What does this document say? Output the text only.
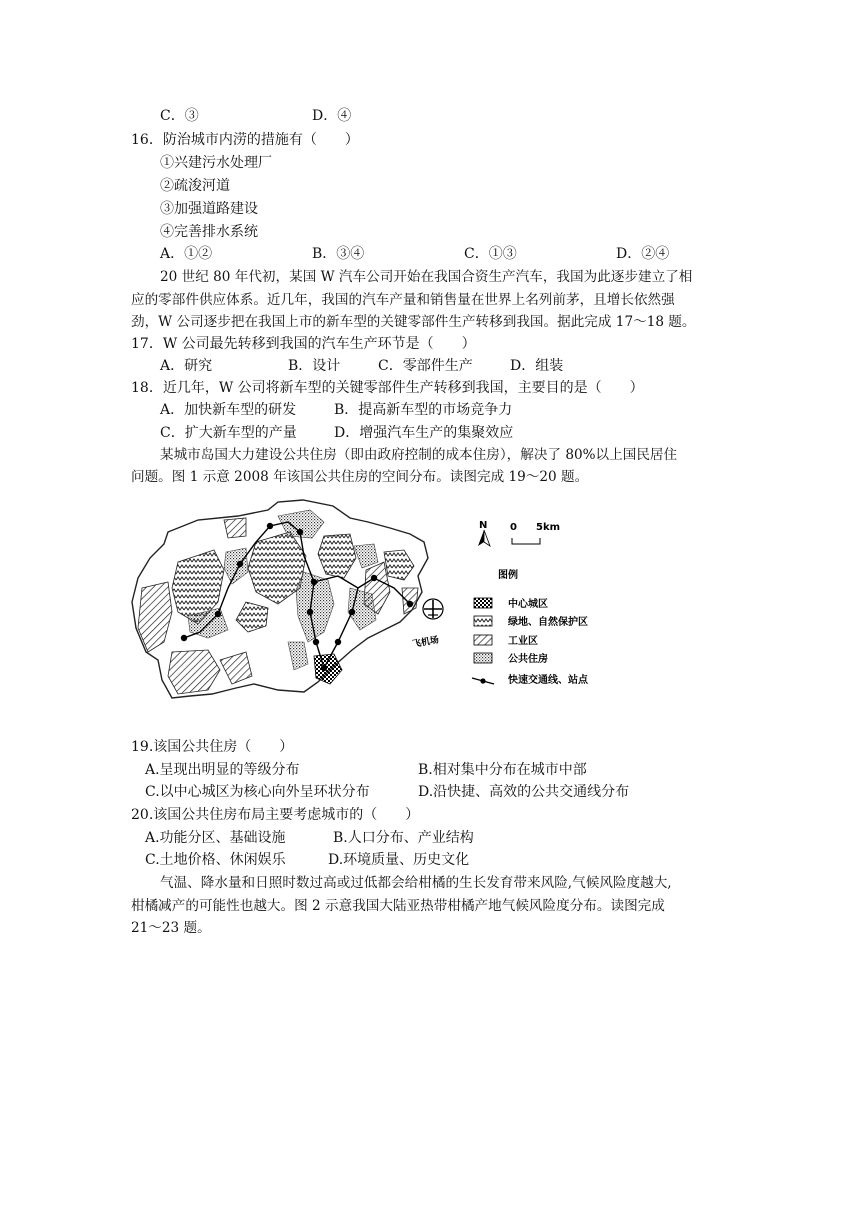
C．③	D．④
16．防治城市内涝的措施有（　　）
①兴建污水处理厂
②疏浚河道
③加强道路建设
④完善排水系统
A．①②	B．③④	C．①③	D．②④
20 世纪 80 年代初，某国 W 汽车公司开始在我国合资生产汽车，我国为此逐步建立了相
应的零部件供应体系。近几年，我国的汽车产量和销售量在世界上名列前茅，且增长依然强
劲，W 公司逐步把在我国上市的新车型的关键零部件生产转移到我国。据此完成 17～18 题。
17．W 公司最先转移到我国的汽车生产环节是（　　）
A．研究	B．设计	C．零部件生产	D．组装
18．近几年，W 公司将新车型的关键零部件生产转移到我国，主要目的是（　　）
A．加快新车型的研发	B．提高新车型的市场竞争力
C．扩大新车型的产量	D．增强汽车生产的集聚效应
某城市岛国大力建设公共住房（即由政府控制的成本住房），解决了 80%以上国民居住
问题。图 1 示意 2008 年该国公共住房的空间分布。读图完成 19～20 题。
飞机场
N 0 5km
图例
中心城区
绿地、自然保护区
工业区
公共住房
快速交通线、站点
19.该国公共住房（　　）
A.呈现出明显的等级分布	B.相对集中分布在城市中部
C.以中心城区为核心向外呈环状分布	D.沿快捷、高效的公共交通线分布
20.该国公共住房布局主要考虑城市的（　　）
A.功能分区、基础设施	B.人口分布、产业结构
C.土地价格、休闲娱乐	D.环境质量、历史文化
气温、降水量和日照时数过高或过低都会给柑橘的生长发育带来风险,气候风险度越大,
柑橘减产的可能性也越大。图 2 示意我国大陆亚热带柑橘产地气候风险度分布。读图完成
21～23 题。
